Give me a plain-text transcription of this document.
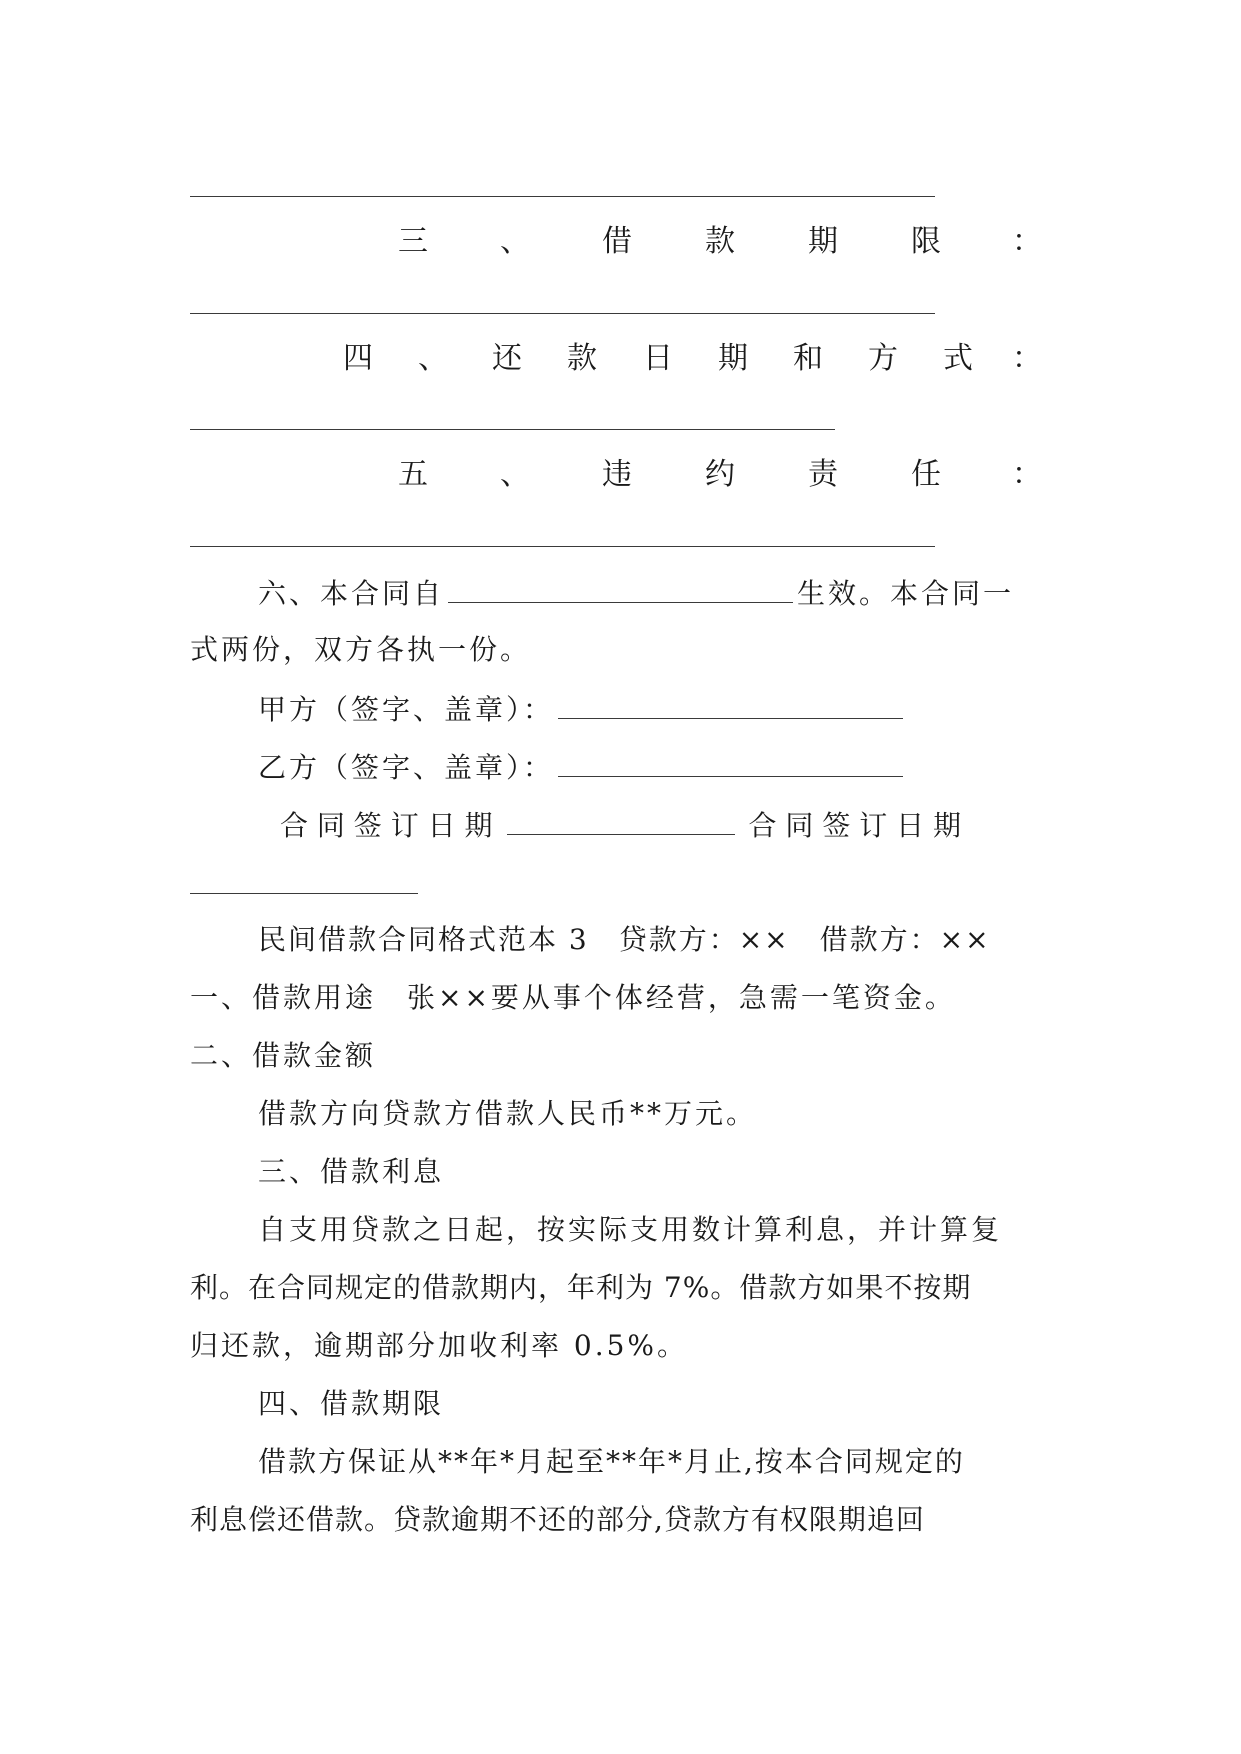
三 、 借 款 期 限 ：
四 、 还 款 日 期 和 方 式 ：
五 、 违 约 责 任 ：
六、本合同自	生效。本合同一
式两份，双方各执一份。
甲方（签字、盖章）：
乙方（签字、盖章）：
合 同 签 订 日 期	合 同 签 订 日 期
民间借款合同格式范本 3　贷款方：××　借款方：××
一、借款用途　张××要从事个体经营，急需一笔资金。
二、借款金额
借款方向贷款方借款人民币**万元。
三、借款利息
自支用贷款之日起，按实际支用数计算利息，并计算复
利。在合同规定的借款期内，年利为 7%。借款方如果不按期
归还款，逾期部分加收利率 0.5%。
四、借款期限
借款方保证从**年*月起至**年*月止,按本合同规定的
利息偿还借款。贷款逾期不还的部分,贷款方有权限期追回
